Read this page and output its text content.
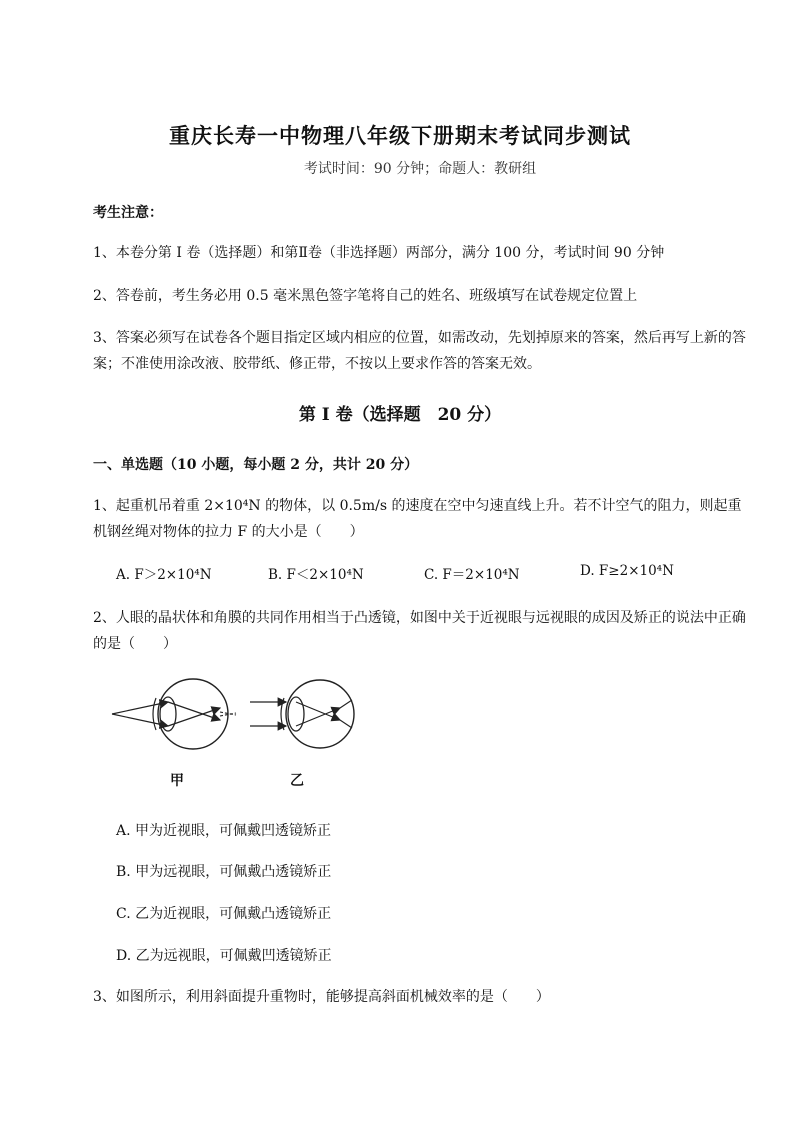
重庆长寿一中物理八年级下册期末考试同步测试
考试时间：90 分钟；命题人：教研组
考生注意：
1、本卷分第 I 卷（选择题）和第Ⅱ卷（非选择题）两部分，满分 100 分，考试时间 90 分钟
2、答卷前，考生务必用 0.5 毫米黑色签字笔将自己的姓名、班级填写在试卷规定位置上
3、答案必须写在试卷各个题目指定区域内相应的位置，如需改动，先划掉原来的答案，然后再写上新的答案；不准使用涂改液、胶带纸、修正带，不按以上要求作答的答案无效。
第 I 卷（选择题　20 分）
一、单选题（10 小题，每小题 2 分，共计 20 分）
1、起重机吊着重 2×10⁴N 的物体，以 0.5m/s 的速度在空中匀速直线上升。若不计空气的阻力，则起重机钢丝绳对物体的拉力 F 的大小是（　　）
A. F＞2×10⁴N	B. F＜2×10⁴N	C. F＝2×10⁴N	D. F≥2×10⁴N
2、人眼的晶状体和角膜的共同作用相当于凸透镜，如图中关于近视眼与远视眼的成因及矫正的说法中正确的是（　　）
甲	乙
A. 甲为近视眼，可佩戴凹透镜矫正
B. 甲为远视眼，可佩戴凸透镜矫正
C. 乙为近视眼，可佩戴凸透镜矫正
D. 乙为远视眼，可佩戴凹透镜矫正
3、如图所示，利用斜面提升重物时，能够提高斜面机械效率的是（　　）
